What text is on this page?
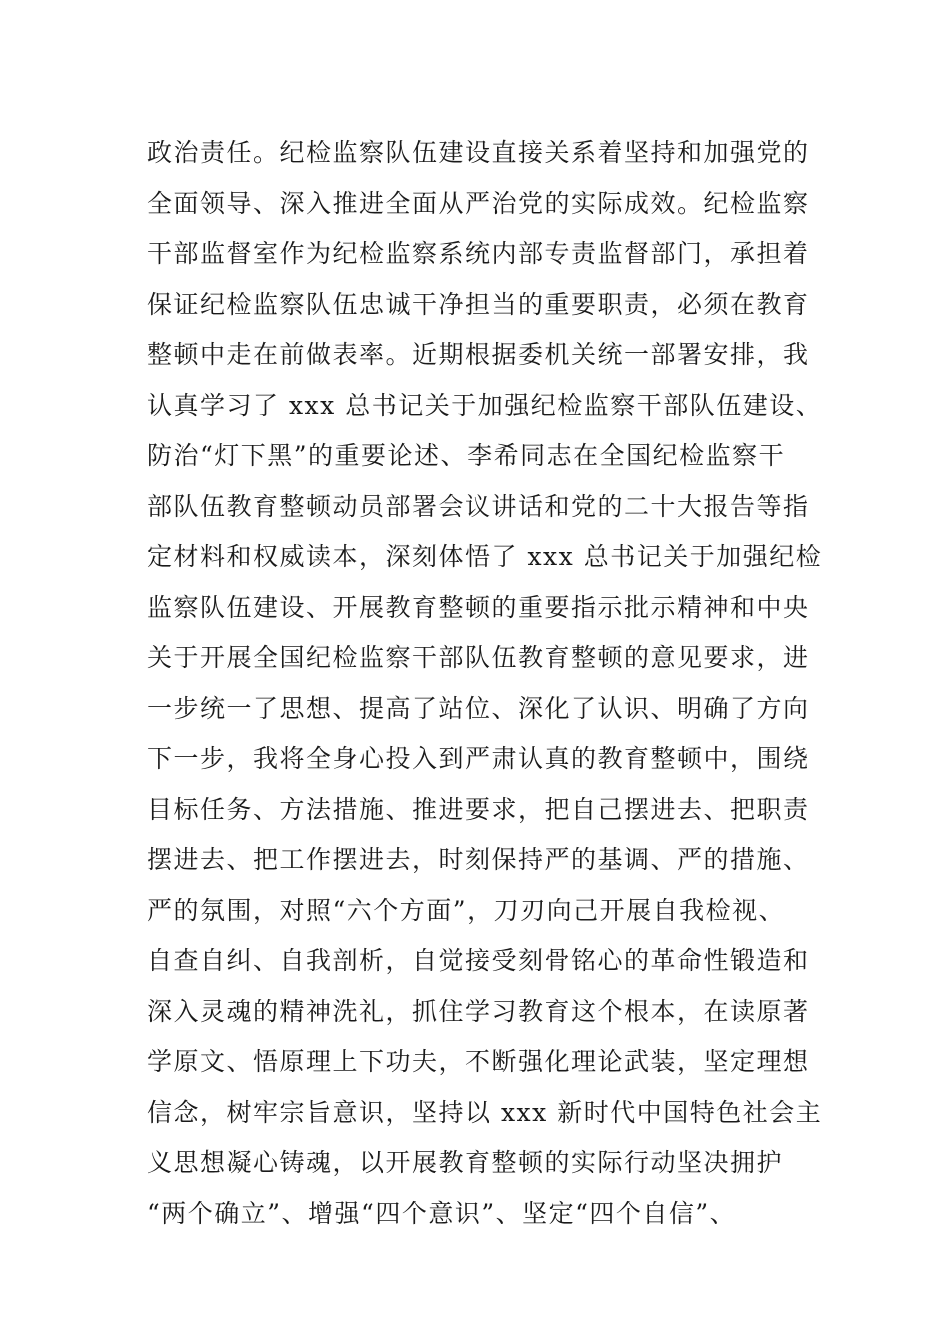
政治责任。纪检监察队伍建设直接关系着坚持和加强党的
全面领导、深入推进全面从严治党的实际成效。纪检监察
干部监督室作为纪检监察系统内部专责监督部门，承担着
保证纪检监察队伍忠诚干净担当的重要职责，必须在教育
整顿中走在前做表率。近期根据委机关统一部署安排，我
认真学习了 xxx 总书记关于加强纪检监察干部队伍建设、
防治“灯下黑”的重要论述、李希同志在全国纪检监察干
部队伍教育整顿动员部署会议讲话和党的二十大报告等指
定材料和权威读本，深刻体悟了 xxx 总书记关于加强纪检
监察队伍建设、开展教育整顿的重要指示批示精神和中央
关于开展全国纪检监察干部队伍教育整顿的意见要求，进
一步统一了思想、提高了站位、深化了认识、明确了方向
下一步，我将全身心投入到严肃认真的教育整顿中，围绕
目标任务、方法措施、推进要求，把自己摆进去、把职责
摆进去、把工作摆进去，时刻保持严的基调、严的措施、
严的氛围，对照“六个方面”，刀刃向己开展自我检视、
自查自纠、自我剖析，自觉接受刻骨铭心的革命性锻造和
深入灵魂的精神洗礼，抓住学习教育这个根本，在读原著
学原文、悟原理上下功夫，不断强化理论武装，坚定理想
信念，树牢宗旨意识，坚持以 xxx 新时代中国特色社会主
义思想凝心铸魂，以开展教育整顿的实际行动坚决拥护
“两个确立”、增强“四个意识”、坚定“四个自信”、
